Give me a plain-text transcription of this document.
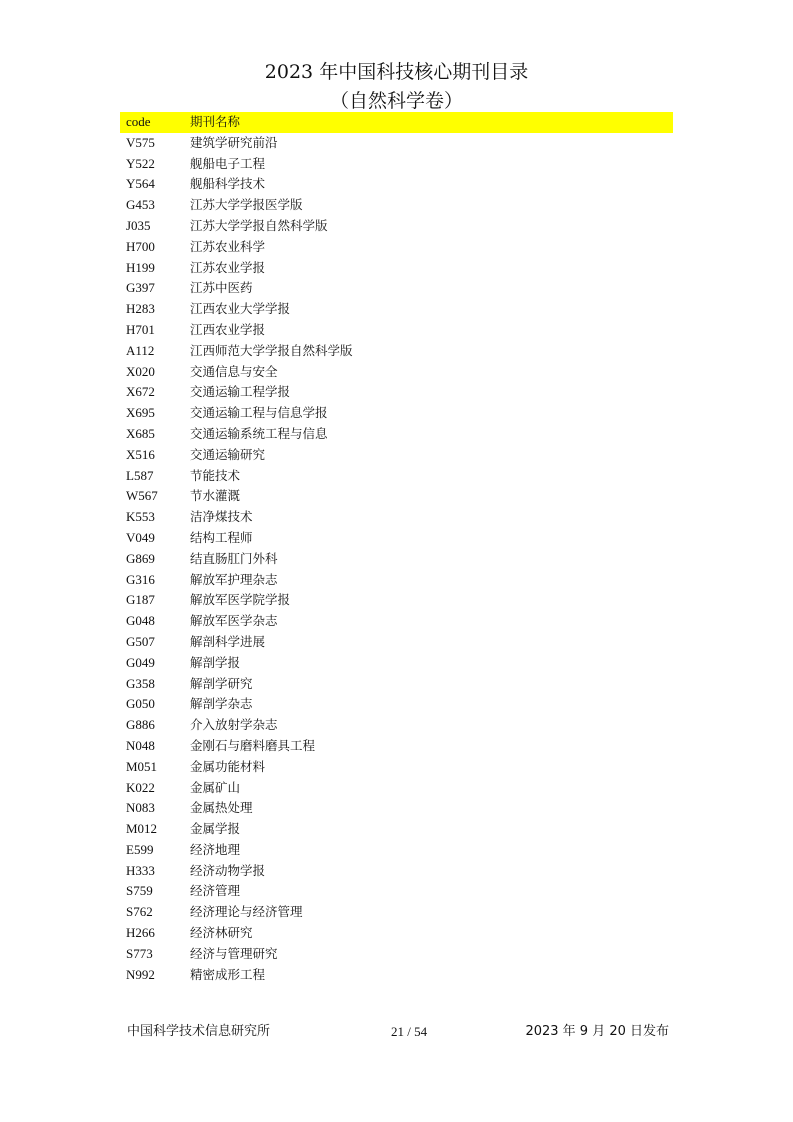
2023 年中国科技核心期刊目录
（自然科学卷）
code	期刊名称
V575	建筑学研究前沿
Y522	舰船电子工程
Y564	舰船科学技术
G453	江苏大学学报医学版
J035	江苏大学学报自然科学版
H700	江苏农业科学
H199	江苏农业学报
G397	江苏中医药
H283	江西农业大学学报
H701	江西农业学报
A112	江西师范大学学报自然科学版
X020	交通信息与安全
X672	交通运输工程学报
X695	交通运输工程与信息学报
X685	交通运输系统工程与信息
X516	交通运输研究
L587	节能技术
W567	节水灌溉
K553	洁净煤技术
V049	结构工程师
G869	结直肠肛门外科
G316	解放军护理杂志
G187	解放军医学院学报
G048	解放军医学杂志
G507	解剖科学进展
G049	解剖学报
G358	解剖学研究
G050	解剖学杂志
G886	介入放射学杂志
N048	金刚石与磨料磨具工程
M051	金属功能材料
K022	金属矿山
N083	金属热处理
M012	金属学报
E599	经济地理
H333	经济动物学报
S759	经济管理
S762	经济理论与经济管理
H266	经济林研究
S773	经济与管理研究
N992	精密成形工程
中国科学技术信息研究所	21 / 54	2023 年 9 月 20 日发布
